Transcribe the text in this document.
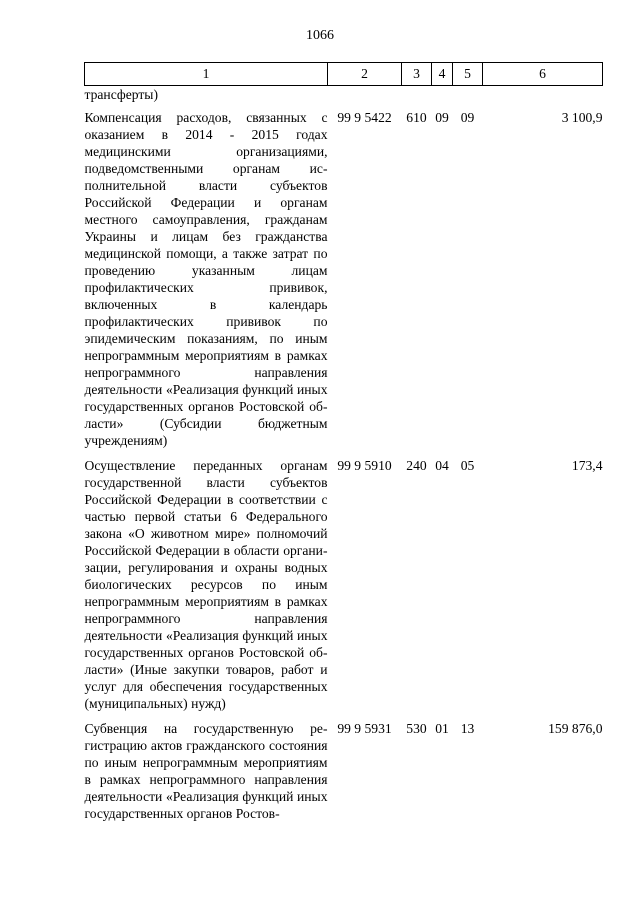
1066
1	2	3	4	5	6
трансферты)					
Компенсация расходов, связанных с оказанием в 2014 - 2015 годах медицинскими организациями, подведомственными органам исполнительной власти субъектов Российской Федерации и органам местного самоуправления, гражданам Украины и лицам без гражданства медицинской помощи, а также затрат по проведению указанным лицам профилактических прививок, включенных в календарь профилактических прививок по эпидемическим показаниям, по иным непрограммным мероприятиям в рамках непрограммного направления деятельности «Реализация функций иных государственных органов Ростовской области» (Субсидии бюджетным учреждениям)	99 9 5422	610	09	09	3 100,9
Осуществление переданных органам государственной власти субъектов Российской Федерации в соответствии с частью первой статьи 6 Федерального закона «О животном мире» полномочий Российской Федерации в области организации, регулирования и охраны водных биологических ресурсов по иным непрограммным мероприятиям в рамках непрограммного направления деятельности «Реализация функций иных государственных органов Ростовской области» (Иные закупки товаров, работ и услуг для обеспечения государственных (муниципальных) нужд)	99 9 5910	240	04	05	173,4
Субвенция на государственную регистрацию актов гражданского состояния по иным непрограммным мероприятиям в рамках непрограммного направления деятельности «Реализация функций иных государственных органов Ростов-	99 9 5931	530	01	13	159 876,0
